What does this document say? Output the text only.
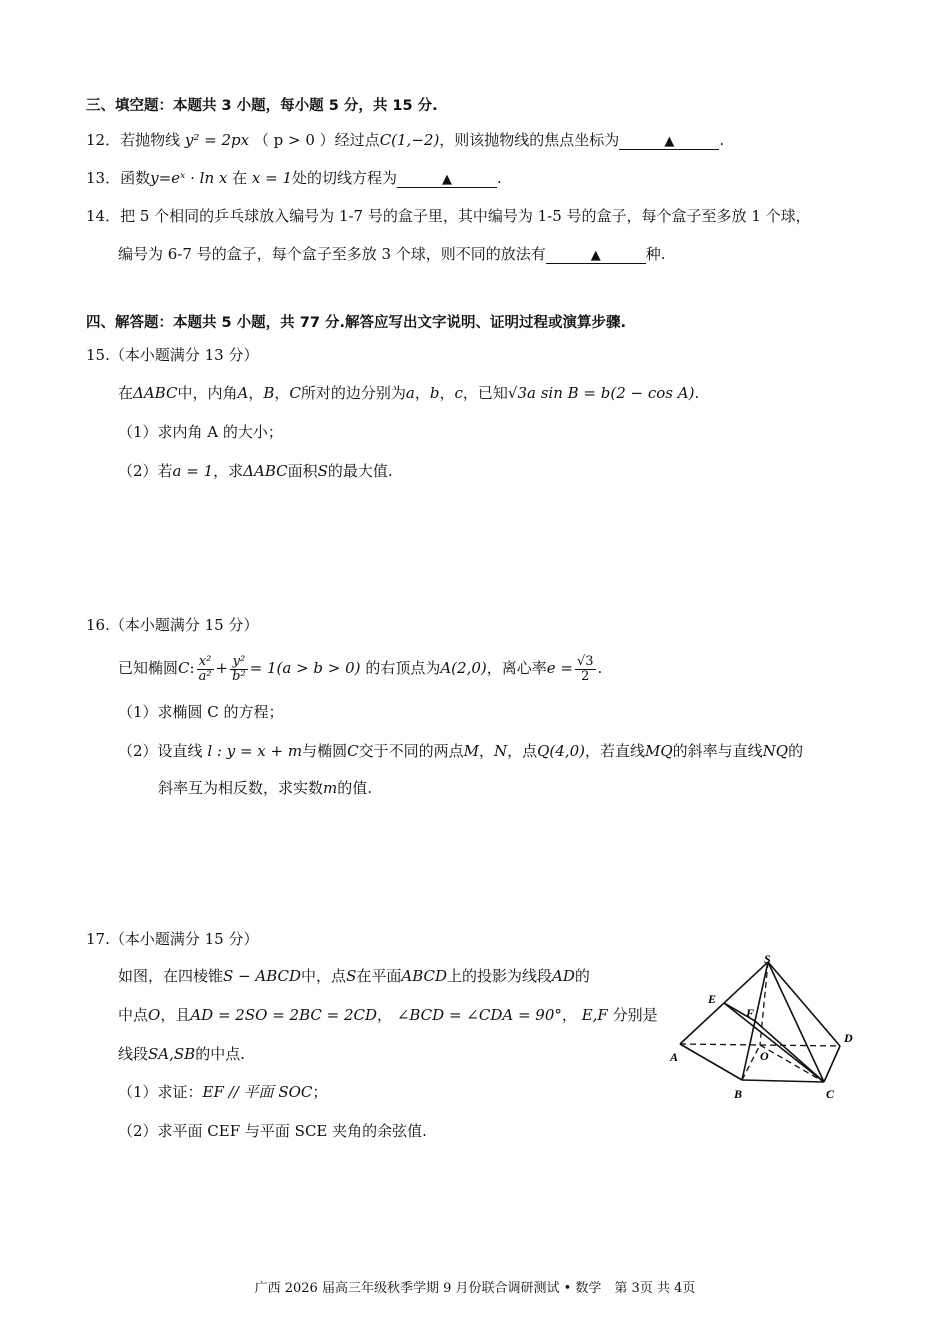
三、填空题：本题共 3 小题，每小题 5 分，共 15 分.
12．若抛物线 y² = 2px （ p > 0 ）经过点C(1,−2)，则该抛物线的焦点坐标为	▲	.
13．函数y=eˣ · ln x 在 x = 1处的切线方程为	▲	.
14．把 5 个相同的乒乓球放入编号为 1-7 号的盒子里，其中编号为 1-5 号的盒子，每个盒子至多放 1 个球，
编号为 6-7 号的盒子，每个盒子至多放 3 个球，则不同的放法有	▲	种.
四、解答题：本题共 5 小题，共 77 分.解答应写出文字说明、证明过程或演算步骤.
15.（本小题满分 13 分）
在ΔABC中，内角A，B，C所对的边分别为a，b，c，已知√3a sin B = b(2 − cos A).
（1）求内角 A 的大小；
（2）若a = 1，求ΔABC面积S的最大值.
16.（本小题满分 15 分）
已知椭圆C: $\frac{\text{x²}}{\text{a²}} + \frac{\text{y²}}{\text{b²}} = 1(a > b > 0)$ 的右顶点为A(2,0)，离心率$e = \frac{√3}{2}$ .
（1）求椭圆 C 的方程；
（2）设直线 l : y = x + m与椭圆C交于不同的两点M，N，点Q(4,0)，若直线MQ的斜率与直线NQ的
斜率互为相反数，求实数m的值.
17.（本小题满分 15 分）
如图，在四棱锥S − ABCD中，点S在平面ABCD上的投影为线段AD的
中点O，且AD = 2SO = 2BC = 2CD， ∠BCD = ∠CDA = 90°， E,F 分别是
线段SA,SB的中点.
（1）求证：EF // 平面 SOC；
（2）求平面 CEF 与平面 SCE 夹角的余弦值.
S
E
F
D
A	O
B	C
广西 2026 届高三年级秋季学期 9 月份联合调研测试 • 数学　第 3页 共 4页
